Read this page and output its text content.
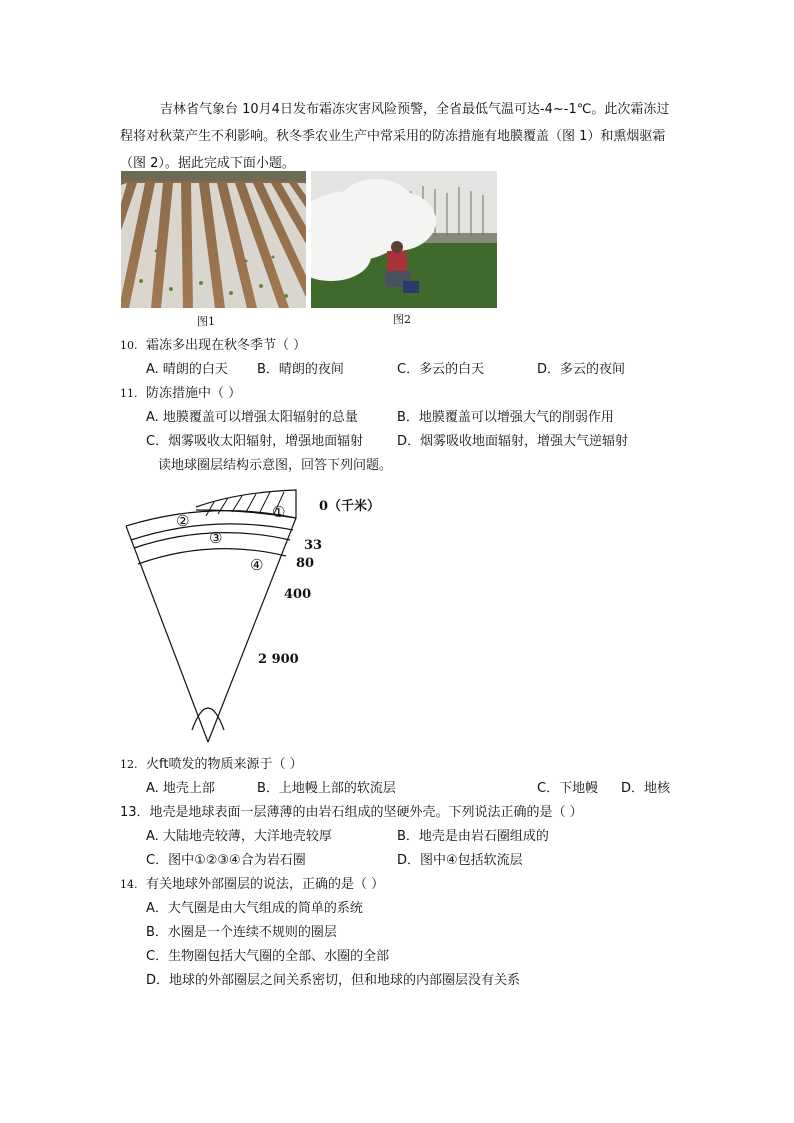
吉林省气象台 10月4日发布霜冻灾害风险预警，全省最低气温可达-4~-1℃。此次霜冻过程将对秋菜产生不利影响。秋冬季农业生产中常采用的防冻措施有地膜覆盖（图 1）和熏烟驱霜（图 2）。据此完成下面小题。
图1	图2
10. 霜冻多出现在秋冬季节（ ）
A. 晴朗的白天 B．晴朗的夜间	C．多云的白天	D．多云的夜间
11. 防冻措施中（ ）
A. 地膜覆盖可以增强太阳辐射的总量	B．地膜覆盖可以增强大气的削弱作用
C．烟雾吸收太阳辐射，增强地面辐射	D．烟雾吸收地面辐射，增强大气逆辐射
读地球圈层结构示意图，回答下列问题。
①
②
③
④
0（千米）
33
80
400
2 900
12. 火ft喷发的物质来源于（ ）
A. 地壳上部	B．上地幔上部的软流层	C．下地幔 D．地核
13．地壳是地球表面一层薄薄的由岩石组成的坚硬外壳。下列说法正确的是（ ）
A. 大陆地壳较薄，大洋地壳较厚	B．地壳是由岩石圈组成的
C．图中①②③④合为岩石圈	D．图中④包括软流层
14. 有关地球外部圈层的说法，正确的是（ ）
A．大气圈是由大气组成的简单的系统
B．水圈是一个连续不规则的圈层
C．生物圈包括大气圈的全部、水圈的全部
D．地球的外部圈层之间关系密切，但和地球的内部圈层没有关系
